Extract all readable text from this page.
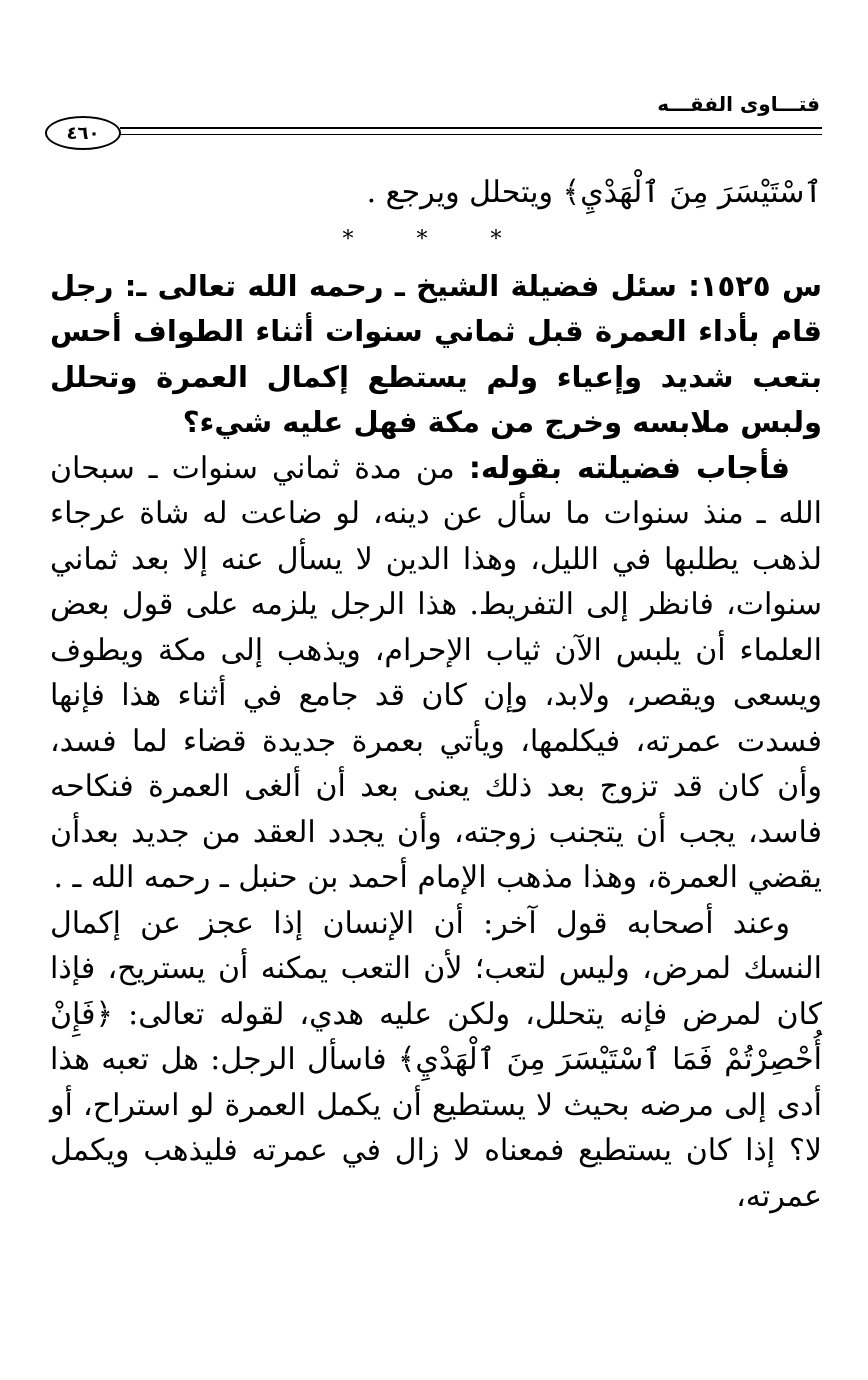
فتـــاوى الفقـــه
٤٦٠

ٱسْتَيْسَرَ مِنَ ٱلْهَدْيِ﴾ ويتحلل ويرجع .

* * *

س ١٥٢٥: سئل فضيلة الشيخ ـ رحمه الله تعالى ـ: رجل قام بأداء العمرة قبل ثماني سنوات أثناء الطواف أحس بتعب شديد وإعياء ولم يستطع إكمال العمرة وتحلل ولبس ملابسه وخرج من مكة فهل عليه شيء؟

فأجاب فضيلته بقوله: من مدة ثماني سنوات ـ سبحان الله ـ منذ سنوات ما سأل عن دينه، لو ضاعت له شاة عرجاء لذهب يطلبها في الليل، وهذا الدين لا يسأل عنه إلا بعد ثماني سنوات، فانظر إلى التفريط. هذا الرجل يلزمه على قول بعض العلماء أن يلبس الآن ثياب الإحرام، ويذهب إلى مكة ويطوف ويسعى ويقصر، ولابد، وإن كان قد جامع في أثناء هذا فإنها فسدت عمرته، فيكلمها، ويأتي بعمرة جديدة قضاء لما فسد، وأن كان قد تزوج بعد ذلك يعنى بعد أن ألغى العمرة فنكاحه فاسد، يجب أن يتجنب زوجته، وأن يجدد العقد من جديد بعدأن يقضي العمرة، وهذا مذهب الإمام أحمد بن حنبل ـ رحمه الله ـ .

وعند أصحابه قول آخر: أن الإنسان إذا عجز عن إكمال النسك لمرض، وليس لتعب؛ لأن التعب يمكنه أن يستريح، فإذا كان لمرض فإنه يتحلل، ولكن عليه هدي، لقوله تعالى: ﴿فَإِنْ أُحْصِرْتُمْ فَمَا ٱسْتَيْسَرَ مِنَ ٱلْهَدْيِ﴾ فاسأل الرجل: هل تعبه هذا أدى إلى مرضه بحيث لا يستطيع أن يكمل العمرة لو استراح، أو لا؟ إذا كان يستطيع فمعناه لا زال في عمرته فليذهب ويكمل عمرته،
